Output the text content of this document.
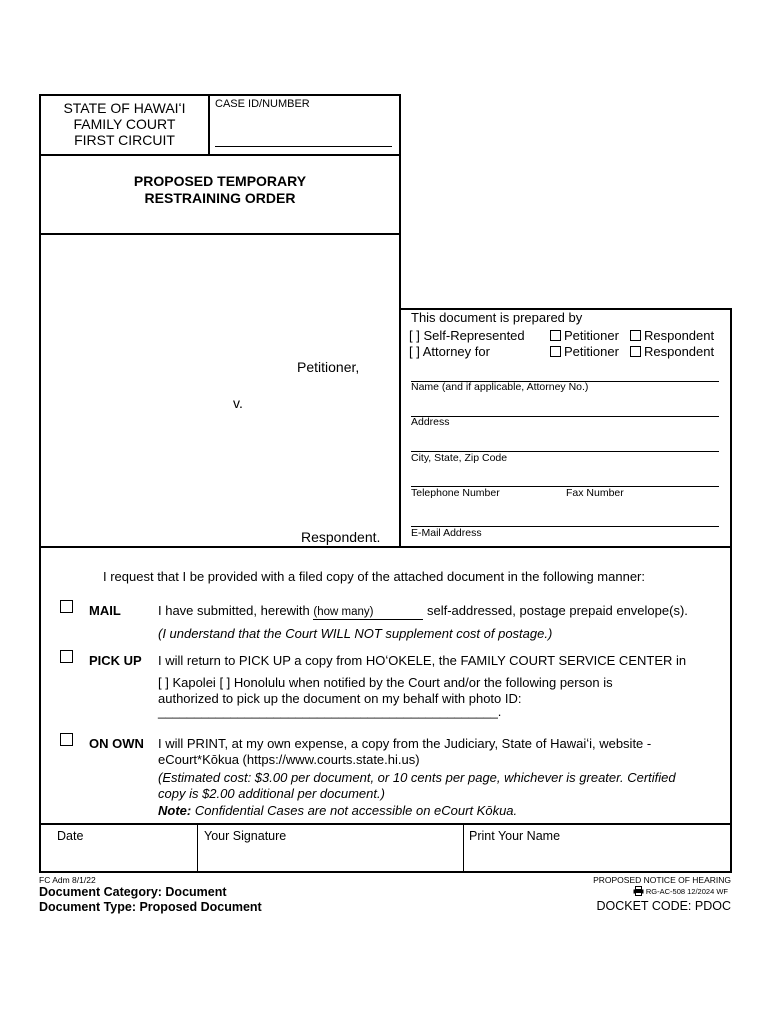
STATE OF HAWAIʻI
FAMILY COURT
FIRST CIRCUIT
CASE ID/NUMBER
PROPOSED TEMPORARY
RESTRAINING ORDER
Petitioner,
v.
Respondent.
This document is prepared by
[ ] Self-Represented	Petitioner	Respondent
[ ] Attorney for	Petitioner	Respondent
Name (and if applicable, Attorney No.)
Address
City, State, Zip Code
Telephone Number	Fax Number
E-Mail Address
I request that I be provided with a filed copy of the attached document in the following manner:
MAIL	I have submitted, herewith (how many)	self-addressed, postage prepaid envelope(s).
(I understand that the Court WILL NOT supplement cost of postage.)
PICK UP I will return to PICK UP a copy from HOʻOKELE, the FAMILY COURT SERVICE CENTER in
[ ] Kapolei [ ] Honolulu when notified by the Court and/or the following person is
authorized to pick up the document on my behalf with photo ID:
_______________________________________________.
ON OWN I will PRINT, at my own expense, a copy from the Judiciary, State of Hawaiʻi, website -
eCourt*Kōkua (https://www.courts.state.hi.us)
(Estimated cost: $3.00 per document, or 10 cents per page, whichever is greater. Certified
copy is $2.00 additional per document.)
Note: Confidential Cases are not accessible on eCourt Kōkua.
Date	Your Signature	Print Your Name
FC Adm 8/1/22
Document Category: Document
Document Type: Proposed Document
PROPOSED NOTICE OF HEARING
RG-AC-508 12/2024 WF
DOCKET CODE: PDOC
